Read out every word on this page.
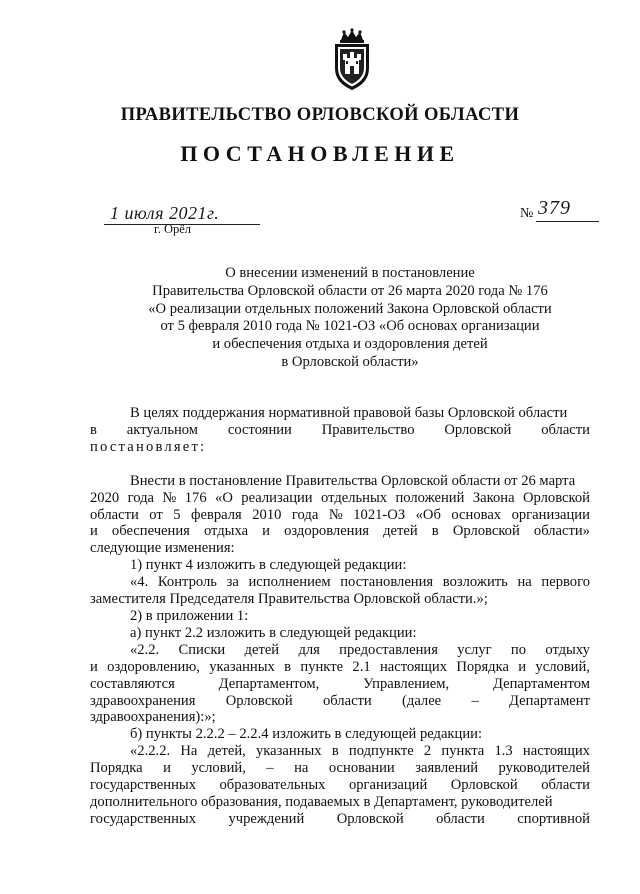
ПРАВИТЕЛЬСТВО ОРЛОВСКОЙ ОБЛАСТИ
ПОСТАНОВЛЕНИЕ
1 июля 2021г.
г. Орёл
№ 379
О внесении изменений в постановление
Правительства Орловской области от 26 марта 2020 года № 176
«О реализации отдельных положений Закона Орловской области
от 5 февраля 2010 года № 1021-ОЗ «Об основах организации
и обеспечения отдыха и оздоровления детей
в Орловской области»
В целях поддержания нормативной правовой базы Орловской области
в актуальном состоянии Правительство Орловской области
постановляет:
Внести в постановление Правительства Орловской области от 26 марта
2020 года № 176 «О реализации отдельных положений Закона Орловской
области от 5 февраля 2010 года № 1021-ОЗ «Об основах организации
и обеспечения отдыха и оздоровления детей в Орловской области»
следующие изменения:
1) пункт 4 изложить в следующей редакции:
«4. Контроль за исполнением постановления возложить на первого
заместителя Председателя Правительства Орловской области.»;
2) в приложении 1:
а) пункт 2.2 изложить в следующей редакции:
«2.2. Списки детей для предоставления услуг по отдыху
и оздоровлению, указанных в пункте 2.1 настоящих Порядка и условий,
составляются	Департаментом,	Управлением,	Департаментом
здравоохранения Орловской области (далее – Департамент
здравоохранения):»;
б) пункты 2.2.2 – 2.2.4 изложить в следующей редакции:
«2.2.2. На детей, указанных в подпункте 2 пункта 1.3 настоящих
Порядка и условий, – на основании заявлений руководителей
государственных образовательных организаций Орловской области
дополнительного образования, подаваемых в Департамент, руководителей
государственных учреждений Орловской области спортивной
